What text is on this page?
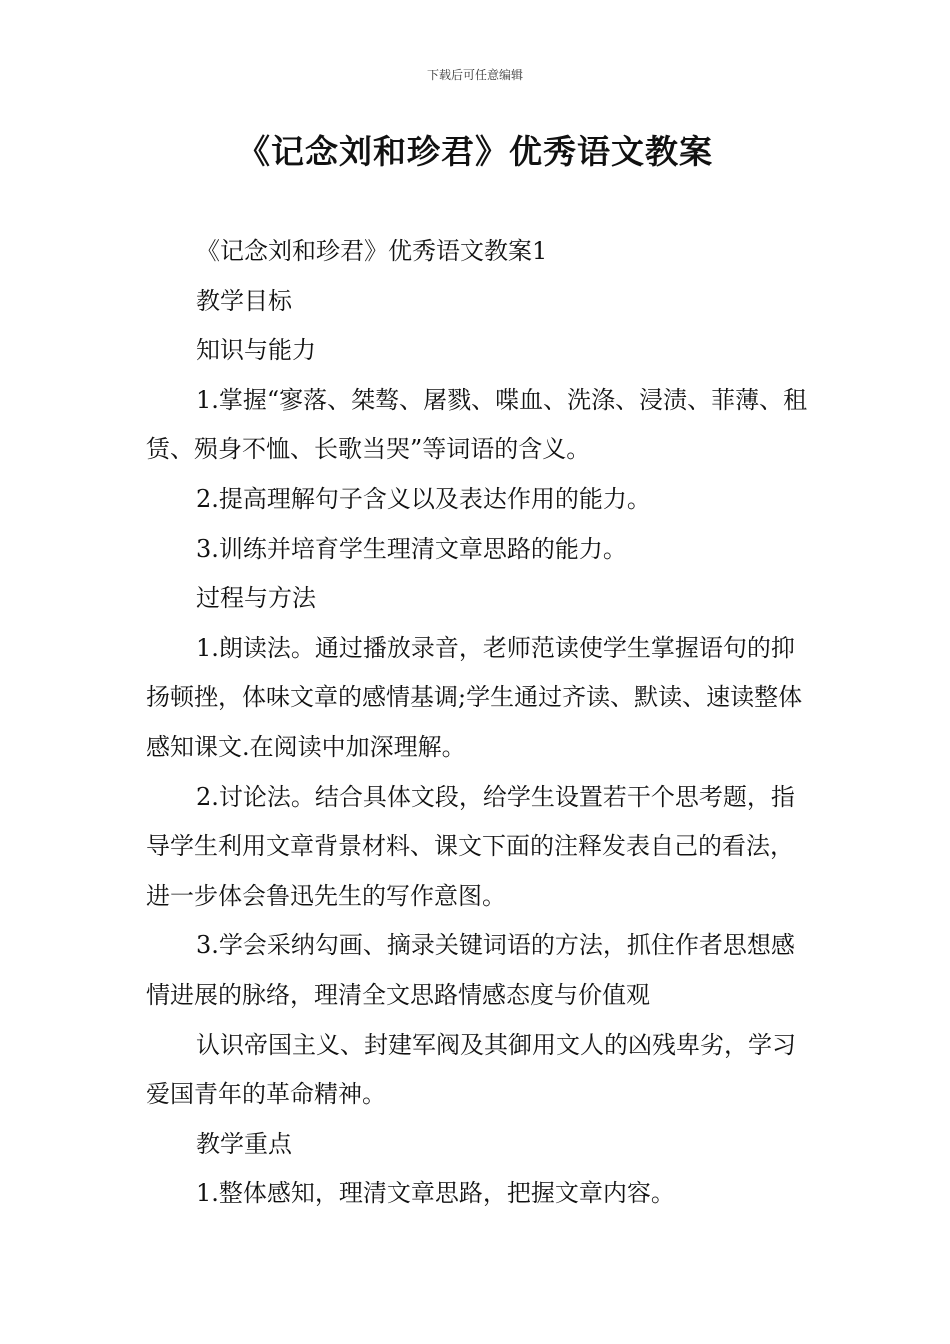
下载后可任意编辑
《记念刘和珍君》优秀语文教案

《记念刘和珍君》优秀语文教案1

教学目标

知识与能力

1.掌握“寥落、桀骜、屠戮、喋血、洗涤、浸渍、菲薄、租赁、殒身不恤、长歌当哭”等词语的含义。

2.提高理解句子含义以及表达作用的能力。

3.训练并培育学生理清文章思路的能力。

过程与方法

1.朗读法。通过播放录音，老师范读使学生掌握语句的抑扬顿挫，体味文章的感情基调;学生通过齐读、默读、速读整体感知课文.在阅读中加深理解。

2.讨论法。结合具体文段，给学生设置若干个思考题，指导学生利用文章背景材料、课文下面的注释发表自己的看法，进一步体会鲁迅先生的写作意图。

3.学会采纳勾画、摘录关键词语的方法，抓住作者思想感情进展的脉络，理清全文思路情感态度与价值观

认识帝国主义、封建军阀及其御用文人的凶残卑劣，学习爱国青年的革命精神。

教学重点

1.整体感知，理清文章思路，把握文章内容。
